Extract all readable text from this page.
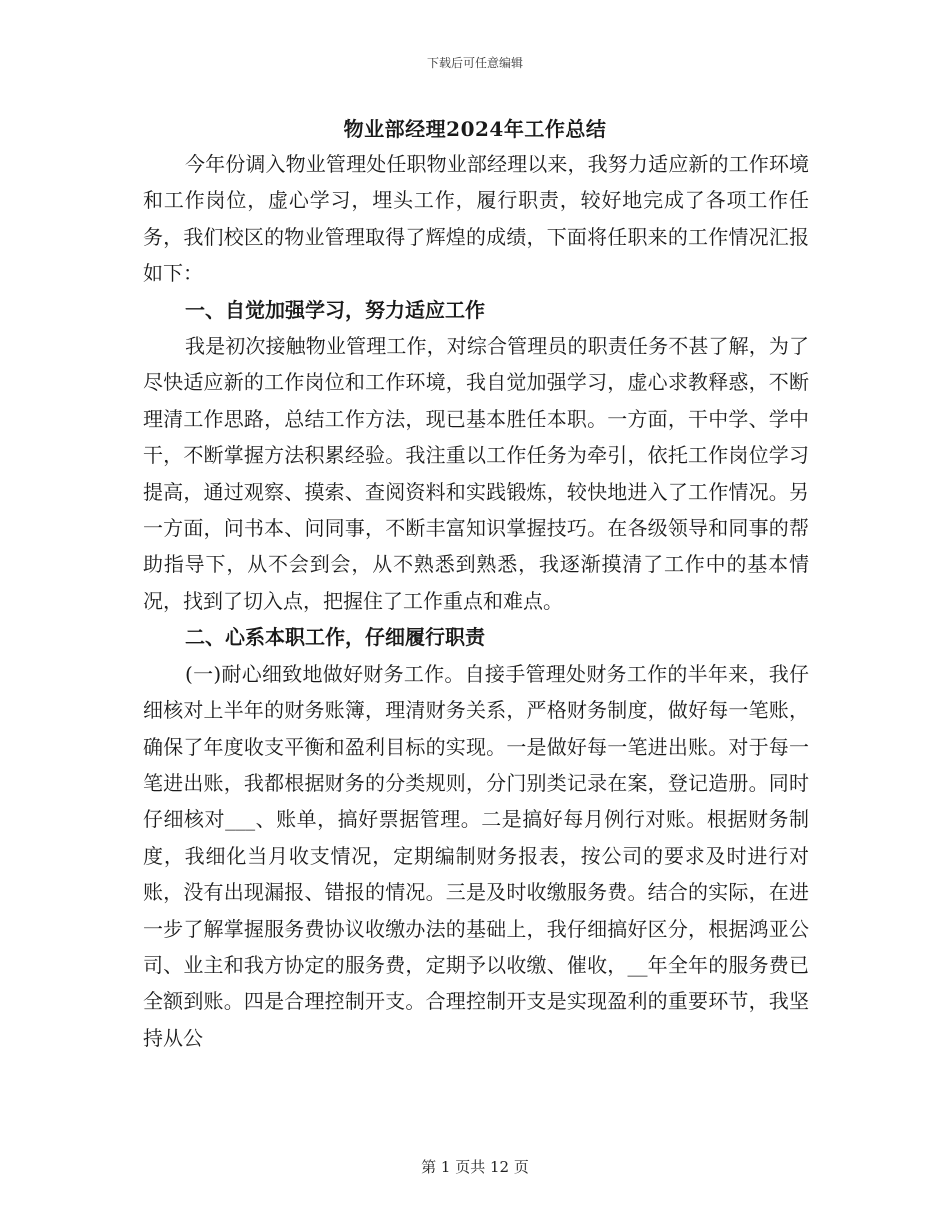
下载后可任意编辑
物业部经理2024年工作总结

今年份调入物业管理处任职物业部经理以来，我努力适应新的工作环境和工作岗位，虚心学习，埋头工作，履行职责，较好地完成了各项工作任务，我们校区的物业管理取得了辉煌的成绩，下面将任职来的工作情况汇报如下：

一、自觉加强学习，努力适应工作

我是初次接触物业管理工作，对综合管理员的职责任务不甚了解，为了尽快适应新的工作岗位和工作环境，我自觉加强学习，虚心求教释惑，不断理清工作思路，总结工作方法，现已基本胜任本职。一方面，干中学、学中干，不断掌握方法积累经验。我注重以工作任务为牵引，依托工作岗位学习提高，通过观察、摸索、查阅资料和实践锻炼，较快地进入了工作情况。另一方面，问书本、问同事，不断丰富知识掌握技巧。在各级领导和同事的帮助指导下，从不会到会，从不熟悉到熟悉，我逐渐摸清了工作中的基本情况，找到了切入点，把握住了工作重点和难点。

二、心系本职工作，仔细履行职责

(一)耐心细致地做好财务工作。自接手管理处财务工作的半年来，我仔细核对上半年的财务账簿，理清财务关系，严格财务制度，做好每一笔账，确保了年度收支平衡和盈利目标的实现。一是做好每一笔进出账。对于每一笔进出账，我都根据财务的分类规则，分门别类记录在案，登记造册。同时仔细核对___、账单，搞好票据管理。二是搞好每月例行对账。根据财务制度，我细化当月收支情况，定期编制财务报表，按公司的要求及时进行对账，没有出现漏报、错报的情况。三是及时收缴服务费。结合的实际，在进一步了解掌握服务费协议收缴办法的基础上，我仔细搞好区分，根据鸿亚公司、业主和我方协定的服务费，定期予以收缴、催收，__年全年的服务费已全额到账。四是合理控制开支。合理控制开支是实现盈利的重要环节，我坚持从公

第 1 页共 12 页
